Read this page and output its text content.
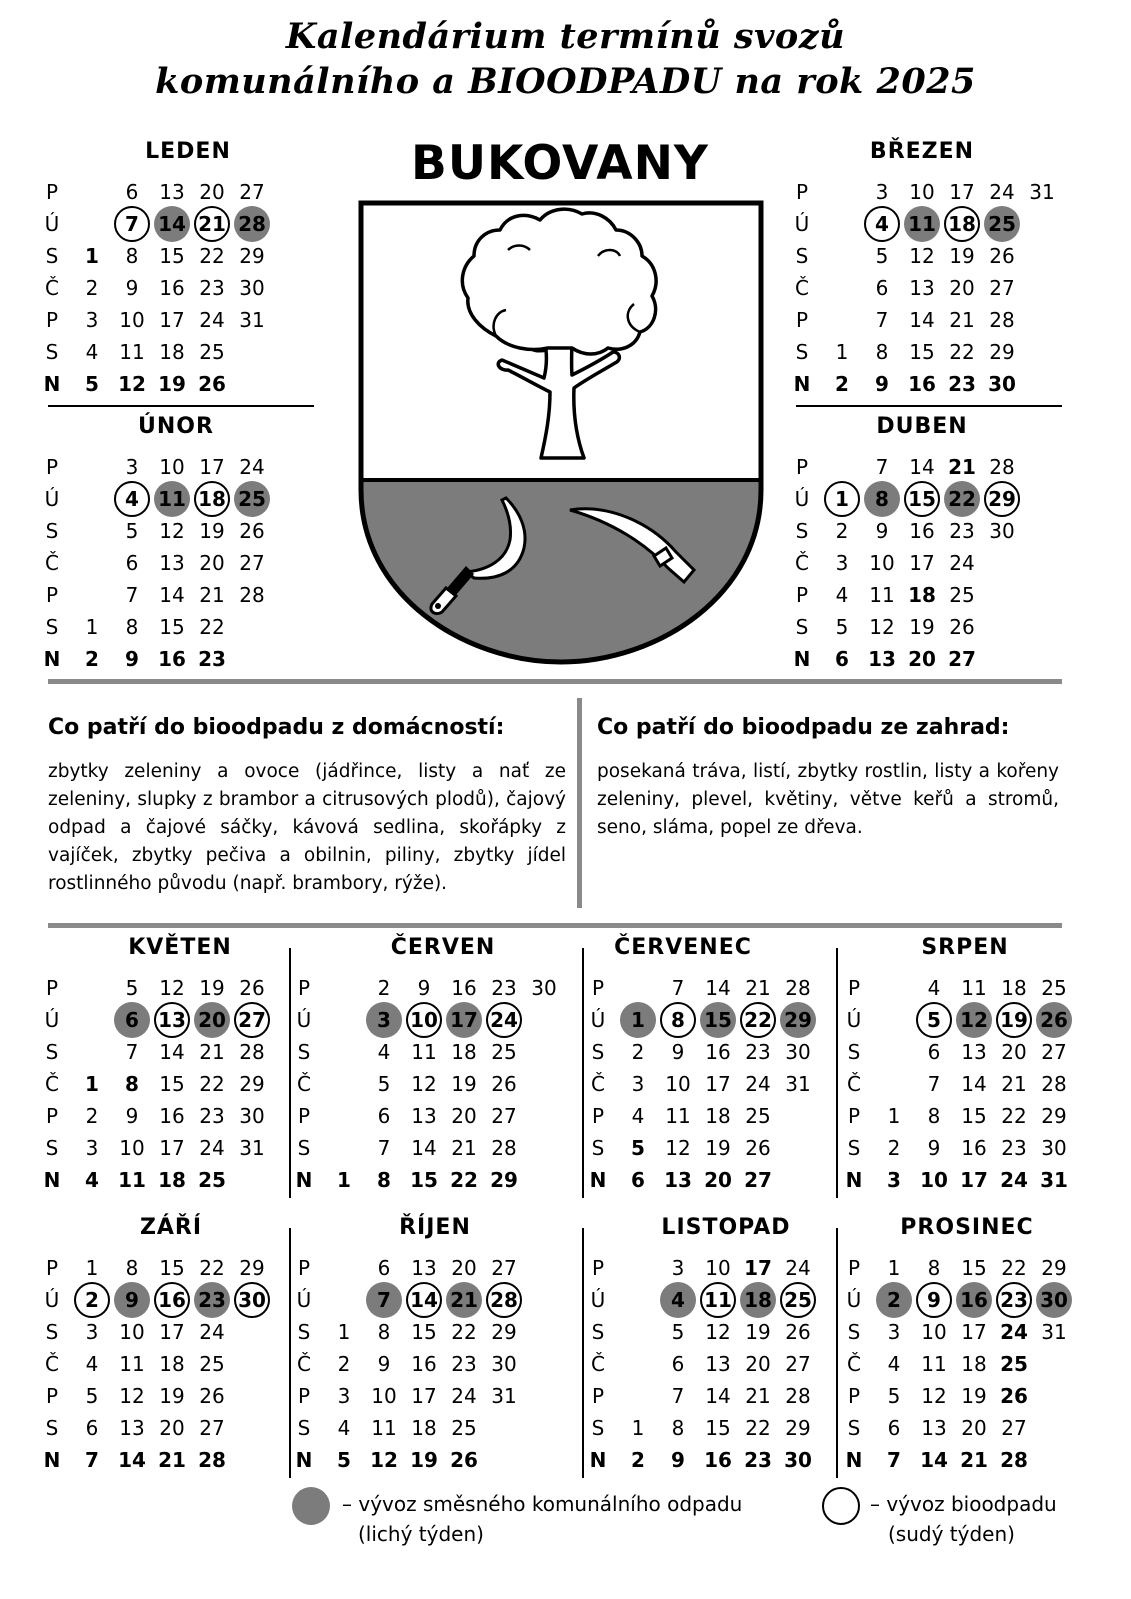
Kalendárium termínů svozů
komunálního a BIOODPADU na rok 2025
BUKOVANY
LEDEN
P
Ú
S
Č
P
S
N
1
2
3
4
5
6
7
8
9
10
11
12
13
14
15
16
17
18
19
20
21
22
23
24
25
26
27
28
29
30
31
BŘEZEN
P
Ú
S
Č
P
S
N
1
2
3
4
5
6
7
8
9
10
11
12
13
14
15
16
17
18
19
20
21
22
23
24
25
26
27
28
29
30
31
ÚNOR
P
Ú
S
Č
P
S
N
1
2
3
4
5
6
7
8
9
10
11
12
13
14
15
16
17
18
19
20
21
22
23
24
25
26
27
28
DUBEN
P
Ú
S
Č
P
S
N
1
2
3
4
5
6
7
8
9
10
11
12
13
14
15
16
17
18
19
20
21
22
23
24
25
26
27
28
29
30
KVĚTEN
P
Ú
S
Č
P
S
N
1
2
3
4
5
6
7
8
9
10
11
12
13
14
15
16
17
18
19
20
21
22
23
24
25
26
27
28
29
30
31
ČERVEN
P
Ú
S
Č
P
S
N	1
2
3
4
5
6
7
8
9
10
11
12
13
14
15
16
17
18
19
20
21
22
23
24
25
26
27
28
29
30
ČERVENEC
P
Ú
S
Č
P
S
N
1
2
3
4
5
6
7
8
9
10
11
12
13
14
15
16
17
18
19
20
21
22
23
24
25
26
27
28
29
30
31
SRPEN
P
Ú
S
Č
P
S
N
1
2
3
4
5
6
7
8
9
10
11
12
13
14
15
16
17
18
19
20
21
22
23
24
25
26
27
28
29
30
31
ZÁŘÍ
P
Ú
S
Č
P
S
N
1
2
3
4
5
6
7
8
9
10
11
12
13
14
15
16
17
18
19
20
21
22
23
24
25
26
27
28
29
30
ŘÍJEN
P
Ú
S
Č
P
S
N
1
2
3
4
5
6
7
8
9
10
11
12
13
14
15
16
17
18
19
20
21
22
23
24
25
26
27
28
29
30
31
LISTOPAD
P
Ú
S
Č
P
S
N
1
2
3
4
5
6
7
8
9
10
11
12
13
14
15
16
17
18
19
20
21
22
23
24
25
26
27
28
29
30
PROSINEC
P
Ú
S
Č
P
S
N
1
2
3
4
5
6
7
8
9
10
11
12
13
14
15
16
17
18
19
20
21
22
23
24
25
26
27
28
29
30
31
Co patří do bioodpadu z domácností:
zbytky zeleniny a ovoce (jádřince, listy a nať ze zeleniny, slupky z brambor a citrusových plodů), čajový odpad a čajové sáčky, kávová sedlina, skořápky z vajíček, zbytky pečiva a obilnin, piliny, zbytky jídel rostlinného původu (např. brambory, rýže).
Co patří do bioodpadu ze zahrad:
posekaná tráva, listí, zbytky rostlin, listy a kořeny zeleniny, plevel, květiny, větve keřů a stromů, seno, sláma, popel ze dřeva.
– vývoz směsného komunálního odpadu
(lichý týden)
– vývoz bioodpadu
(sudý týden)
